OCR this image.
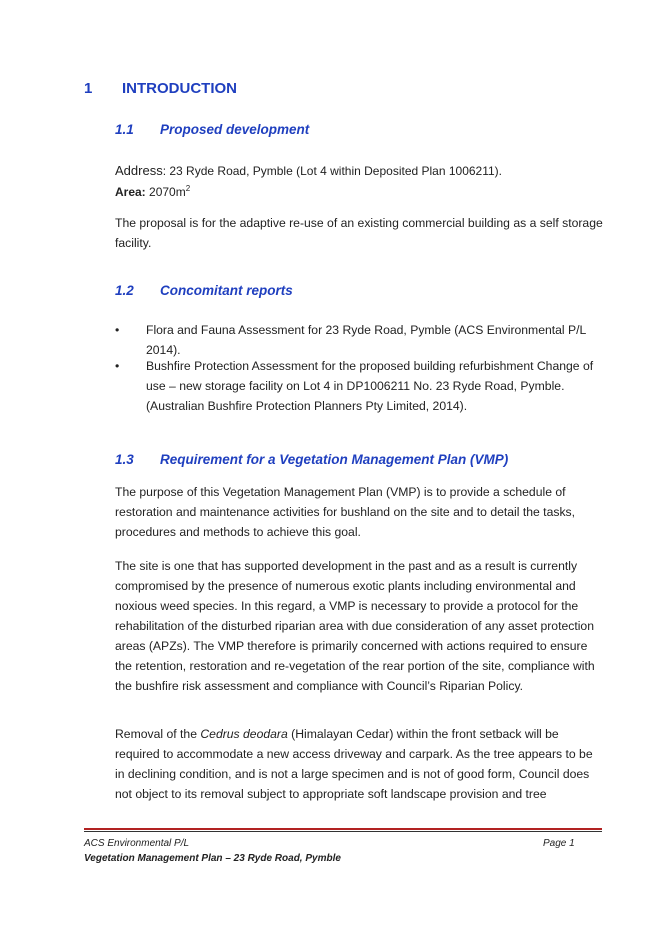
1 INTRODUCTION
1.1 Proposed development
Address: 23 Ryde Road, Pymble (Lot 4 within Deposited Plan 1006211).
Area: $2070m^2$
The proposal is for the adaptive re-use of an existing commercial building as a self storage facility.
1.2 Concomitant reports
• Flora and Fauna Assessment for 23 Ryde Road, Pymble (ACS Environmental P/L 2014).
• Bushfire Protection Assessment for the proposed building refurbishment Change of use – new storage facility on Lot 4 in DP1006211 No. 23 Ryde Road, Pymble. (Australian Bushfire Protection Planners Pty Limited, 2014).
1.3 Requirement for a Vegetation Management Plan (VMP)
The purpose of this Vegetation Management Plan (VMP) is to provide a schedule of restoration and maintenance activities for bushland on the site and to detail the tasks, procedures and methods to achieve this goal.
The site is one that has supported development in the past and as a result is currently compromised by the presence of numerous exotic plants including environmental and noxious weed species. In this regard, a VMP is necessary to provide a protocol for the rehabilitation of the disturbed riparian area with due consideration of any asset protection areas (APZs). The VMP therefore is primarily concerned with actions required to ensure the retention, restoration and re-vegetation of the rear portion of the site, compliance with the bushfire risk assessment and compliance with Council’s Riparian Policy.
Removal of the Cedrus deodara (Himalayan Cedar) within the front setback will be required to accommodate a new access driveway and carpark. As the tree appears to be in declining condition, and is not a large specimen and is not of good form, Council does not object to its removal subject to appropriate soft landscape provision and tree
ACS Environmental P/L	Page 1
Vegetation Management Plan – 23 Ryde Road, Pymble
